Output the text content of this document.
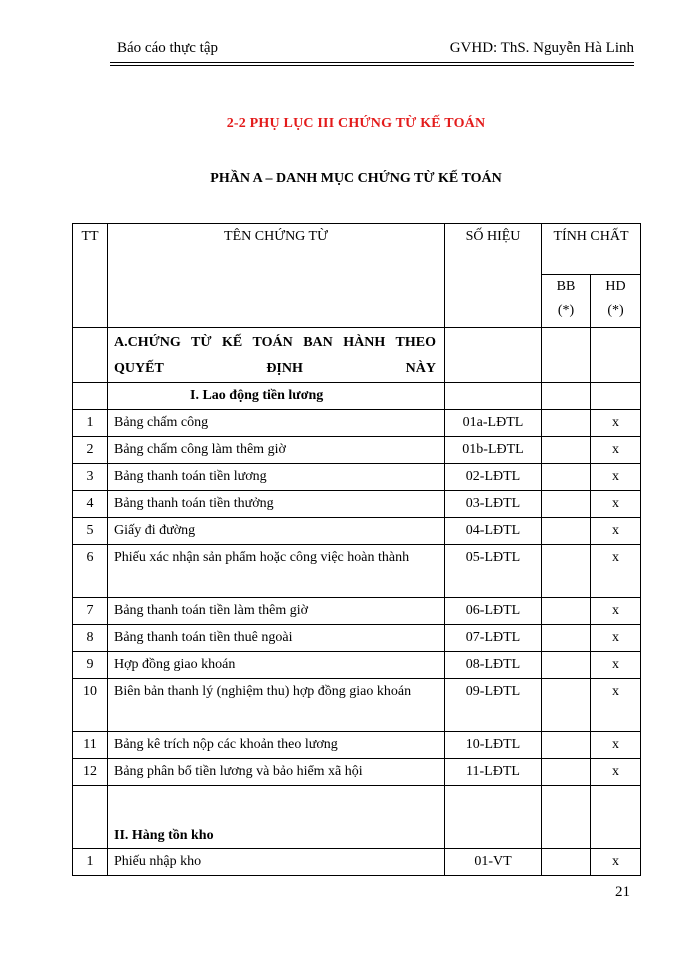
Báo cáo thực tập	GVHD: ThS. Nguyễn Hà Linh
2-2 PHỤ LỤC III CHỨNG TỪ KẾ TOÁN
PHẦN A – DANH MỤC CHỨNG TỪ KẾ TOÁN
TT	TÊN CHỨNG TỪ	SỐ HIỆU	TÍNH CHẤT	
			BB (*)	HD (*)
	A.CHỨNG TỪ KẾ TOÁN BAN HÀNH THEO QUYẾT ĐỊNH NÀY			
	I. Lao động tiền lương			
1	Bảng chấm công	01a-LĐTL		x
2	Bảng chấm công làm thêm giờ	01b-LĐTL		x
3	Bảng thanh toán tiền lương	02-LĐTL		x
4	Bảng thanh toán tiền thưởng	03-LĐTL		x
5	Giấy đi đường	04-LĐTL		x
6	Phiếu xác nhận sản phẩm hoặc công việc hoàn thành	05-LĐTL		x
7	Bảng thanh toán tiền làm thêm giờ	06-LĐTL		x
8	Bảng thanh toán tiền thuê ngoài	07-LĐTL		x
9	Hợp đồng giao khoán	08-LĐTL		x
10	Biên bản thanh lý (nghiệm thu) hợp đồng giao khoán	09-LĐTL		x
11	Bảng kê trích nộp các khoản theo lương	10-LĐTL		x
12	Bảng phân bổ tiền lương và bảo hiểm xã hội	11-LĐTL		x
	II. Hàng tồn kho			
1	Phiếu nhập kho	01-VT		x
21
